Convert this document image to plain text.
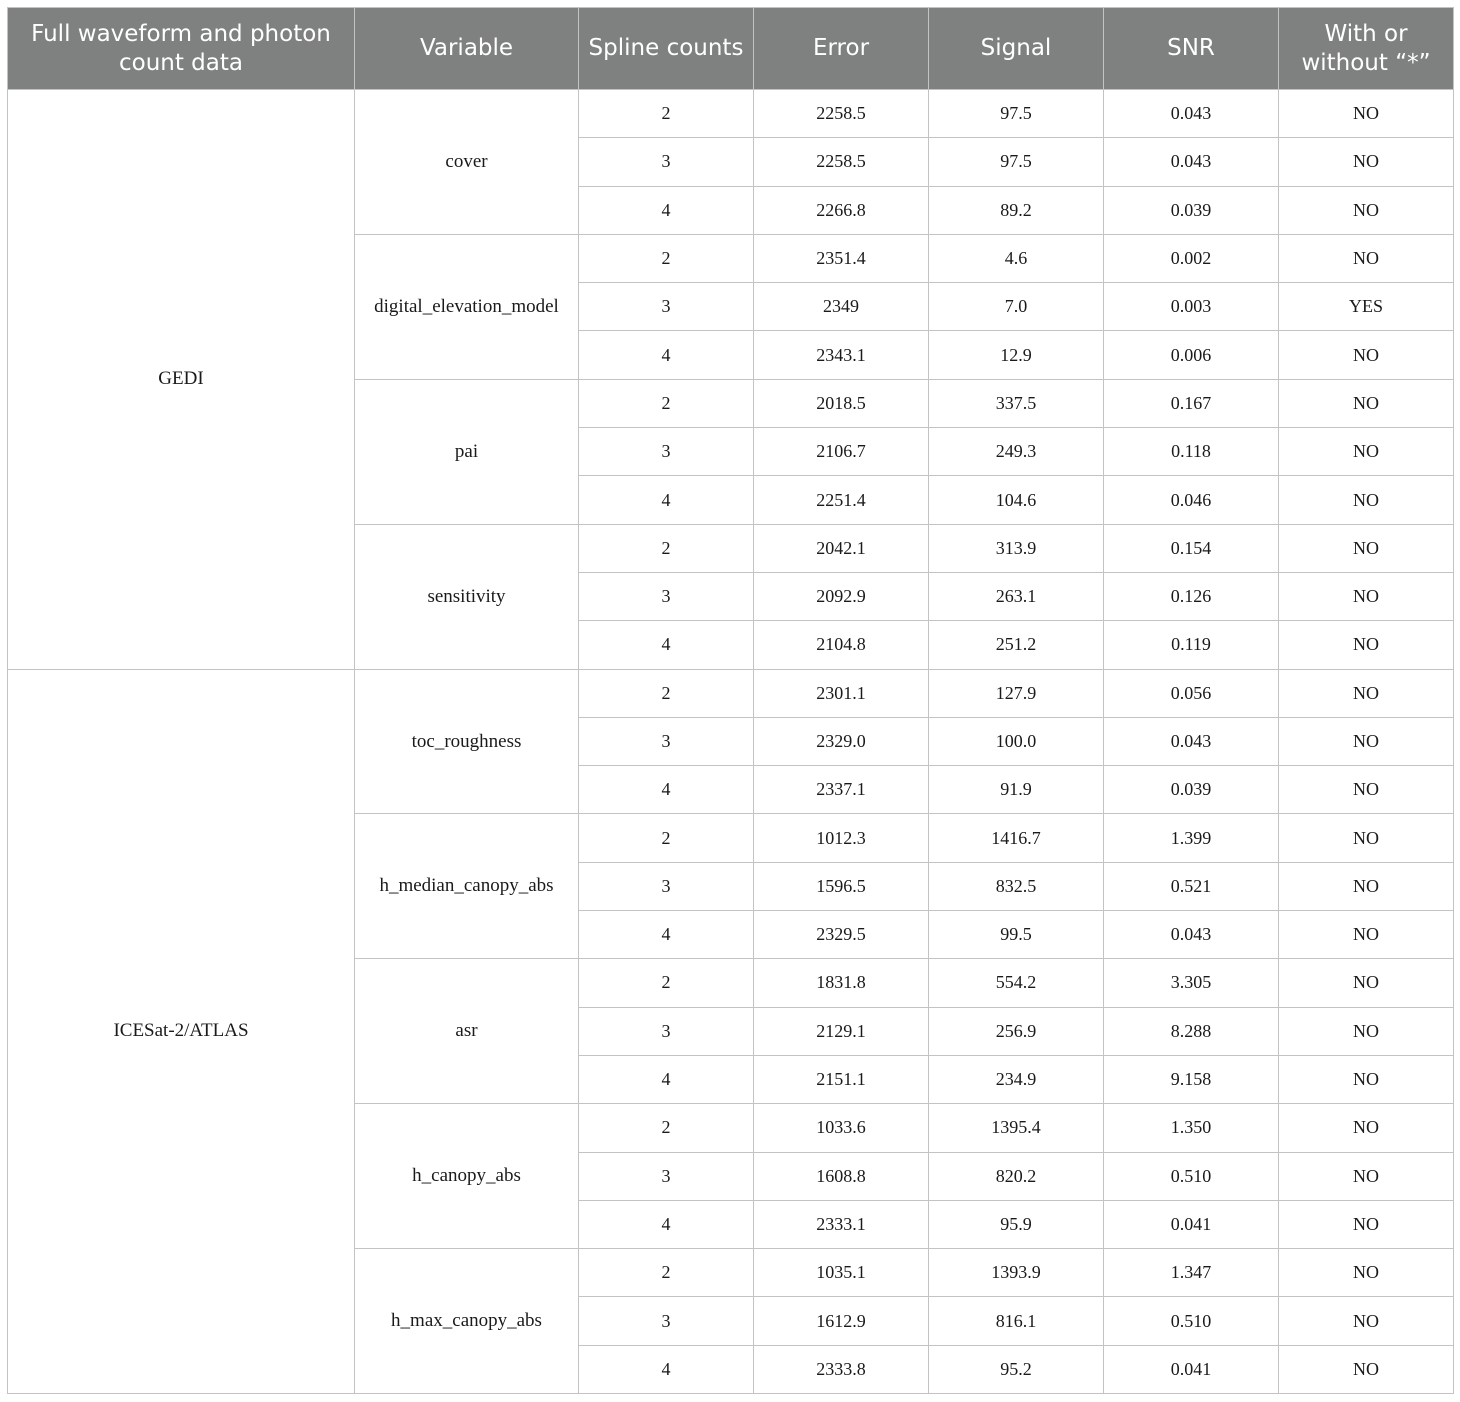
Full waveform and photon count data	Variable	Spline counts	Error	Signal	SNR	With or without “*”
GEDI	cover	2	2258.5	97.5	0.043	NO
		3	2258.5	97.5	0.043	NO
		4	2266.8	89.2	0.039	NO
	digital_elevation_model	2	2351.4	4.6	0.002	NO
		3	2349	7.0	0.003	YES
		4	2343.1	12.9	0.006	NO
	pai	2	2018.5	337.5	0.167	NO
		3	2106.7	249.3	0.118	NO
		4	2251.4	104.6	0.046	NO
	sensitivity	2	2042.1	313.9	0.154	NO
		3	2092.9	263.1	0.126	NO
		4	2104.8	251.2	0.119	NO
ICESat-2/ATLAS	toc_roughness	2	2301.1	127.9	0.056	NO
		3	2329.0	100.0	0.043	NO
		4	2337.1	91.9	0.039	NO
	h_median_canopy_abs	2	1012.3	1416.7	1.399	NO
		3	1596.5	832.5	0.521	NO
		4	2329.5	99.5	0.043	NO
	asr	2	1831.8	554.2	3.305	NO
		3	2129.1	256.9	8.288	NO
		4	2151.1	234.9	9.158	NO
	h_canopy_abs	2	1033.6	1395.4	1.350	NO
		3	1608.8	820.2	0.510	NO
		4	2333.1	95.9	0.041	NO
	h_max_canopy_abs	2	1035.1	1393.9	1.347	NO
		3	1612.9	816.1	0.510	NO
		4	2333.8	95.2	0.041	NO
